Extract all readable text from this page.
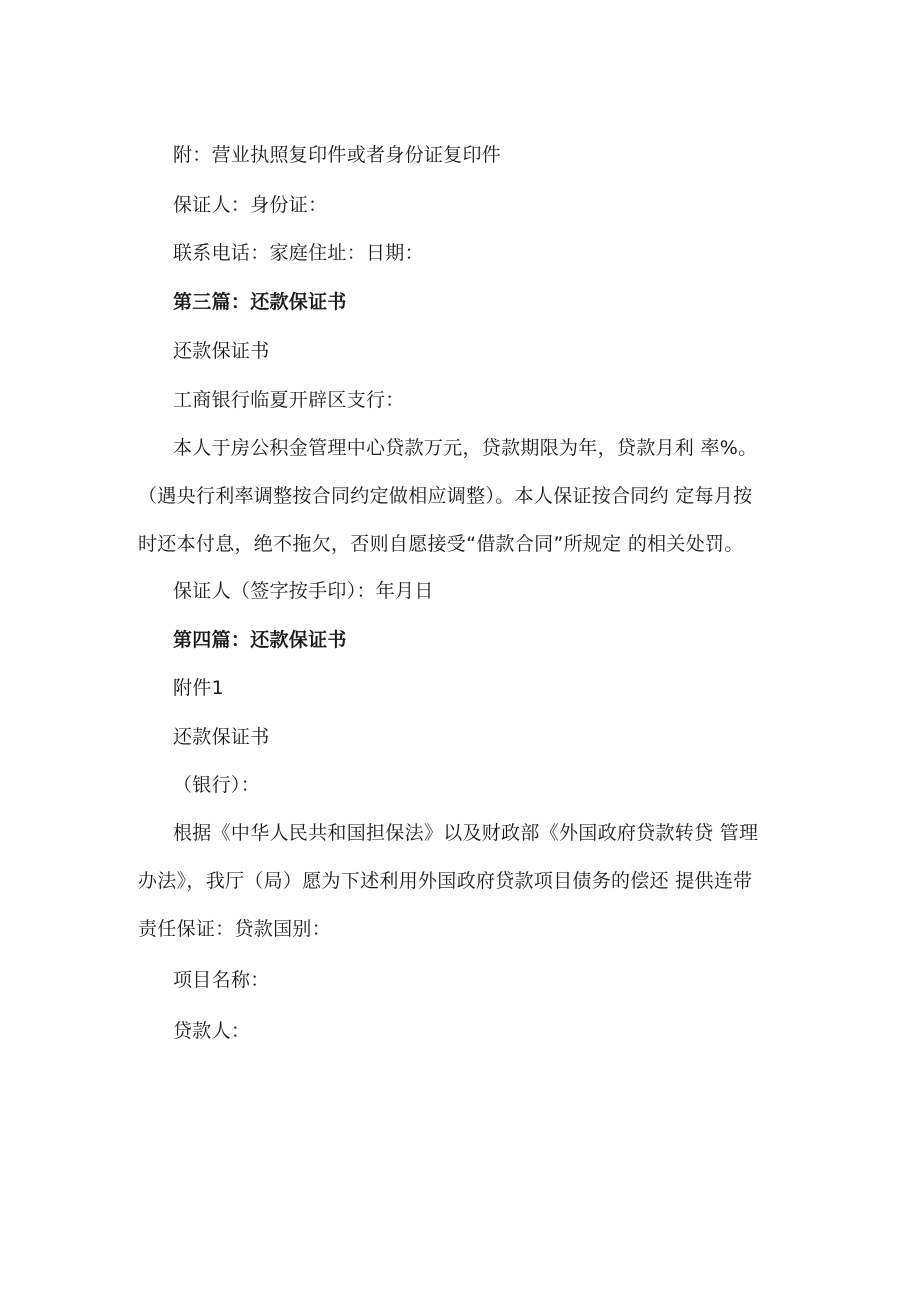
附：营业执照复印件或者身份证复印件
保证人：身份证：
联系电话：家庭住址：日期：
第三篇：还款保证书
还款保证书
工商银行临夏开辟区支行：
本人于房公积金管理中心贷款万元，贷款期限为年，贷款月利 率%。
（遇央行利率调整按合同约定做相应调整）。本人保证按合同约 定每月按
时还本付息，绝不拖欠，否则自愿接受“借款合同”所规定 的相关处罚。
保证人（签字按手印）：年月日
第四篇：还款保证书
附件1
还款保证书
（银行）：
根据《中华人民共和国担保法》以及财政部《外国政府贷款转贷 管理
办法》，我厅（局）愿为下述利用外国政府贷款项目债务的偿还 提供连带
责任保证：贷款国别：
项目名称：
贷款人：
